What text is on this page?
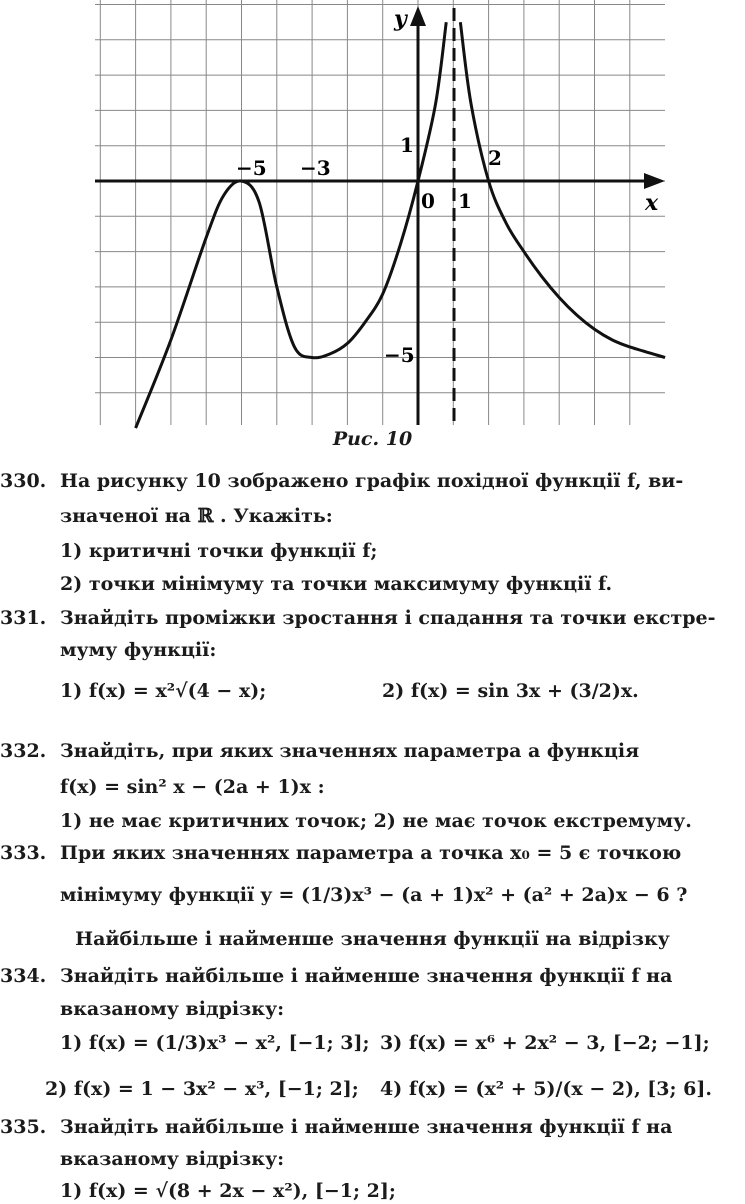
y
x
−5 −3
0 1
2
1
−5
Рис. 10
330. На рисунку 10 зображено графік похідної функції f, ви-
значеної на ℝ . Укажіть:
1) критичні точки функції f;
2) точки мінімуму та точки максимуму функції f.
331. Знайдіть проміжки зростання і спадання та точки екстре-
муму функції:
1) f(x) = x²√(4 − x);	2) f(x) = sin 3x + (3/2)x.
332. Знайдіть, при яких значеннях параметра a функція
f(x) = sin² x − (2a + 1)x :
1) не має критичних точок; 2) не має точок екстремуму.
333. При яких значеннях параметра a точка x₀ = 5 є точкою
мінімуму функції y = (1/3)x³ − (a + 1)x² + (a² + 2a)x − 6 ?
Найбільше і найменше значення функції на відрізку
334. Знайдіть найбільше і найменше значення функції f на
вказаному відрізку:
1) f(x) = (1/3)x³ − x², [−1; 3]; 3) f(x) = x⁶ + 2x² − 3, [−2; −1];
2) f(x) = 1 − 3x² − x³, [−1; 2]; 4) f(x) = (x² + 5)/(x − 2), [3; 6].
335. Знайдіть найбільше і найменше значення функції f на
вказаному відрізку:
1) f(x) = √(8 + 2x − x²), [−1; 2];
